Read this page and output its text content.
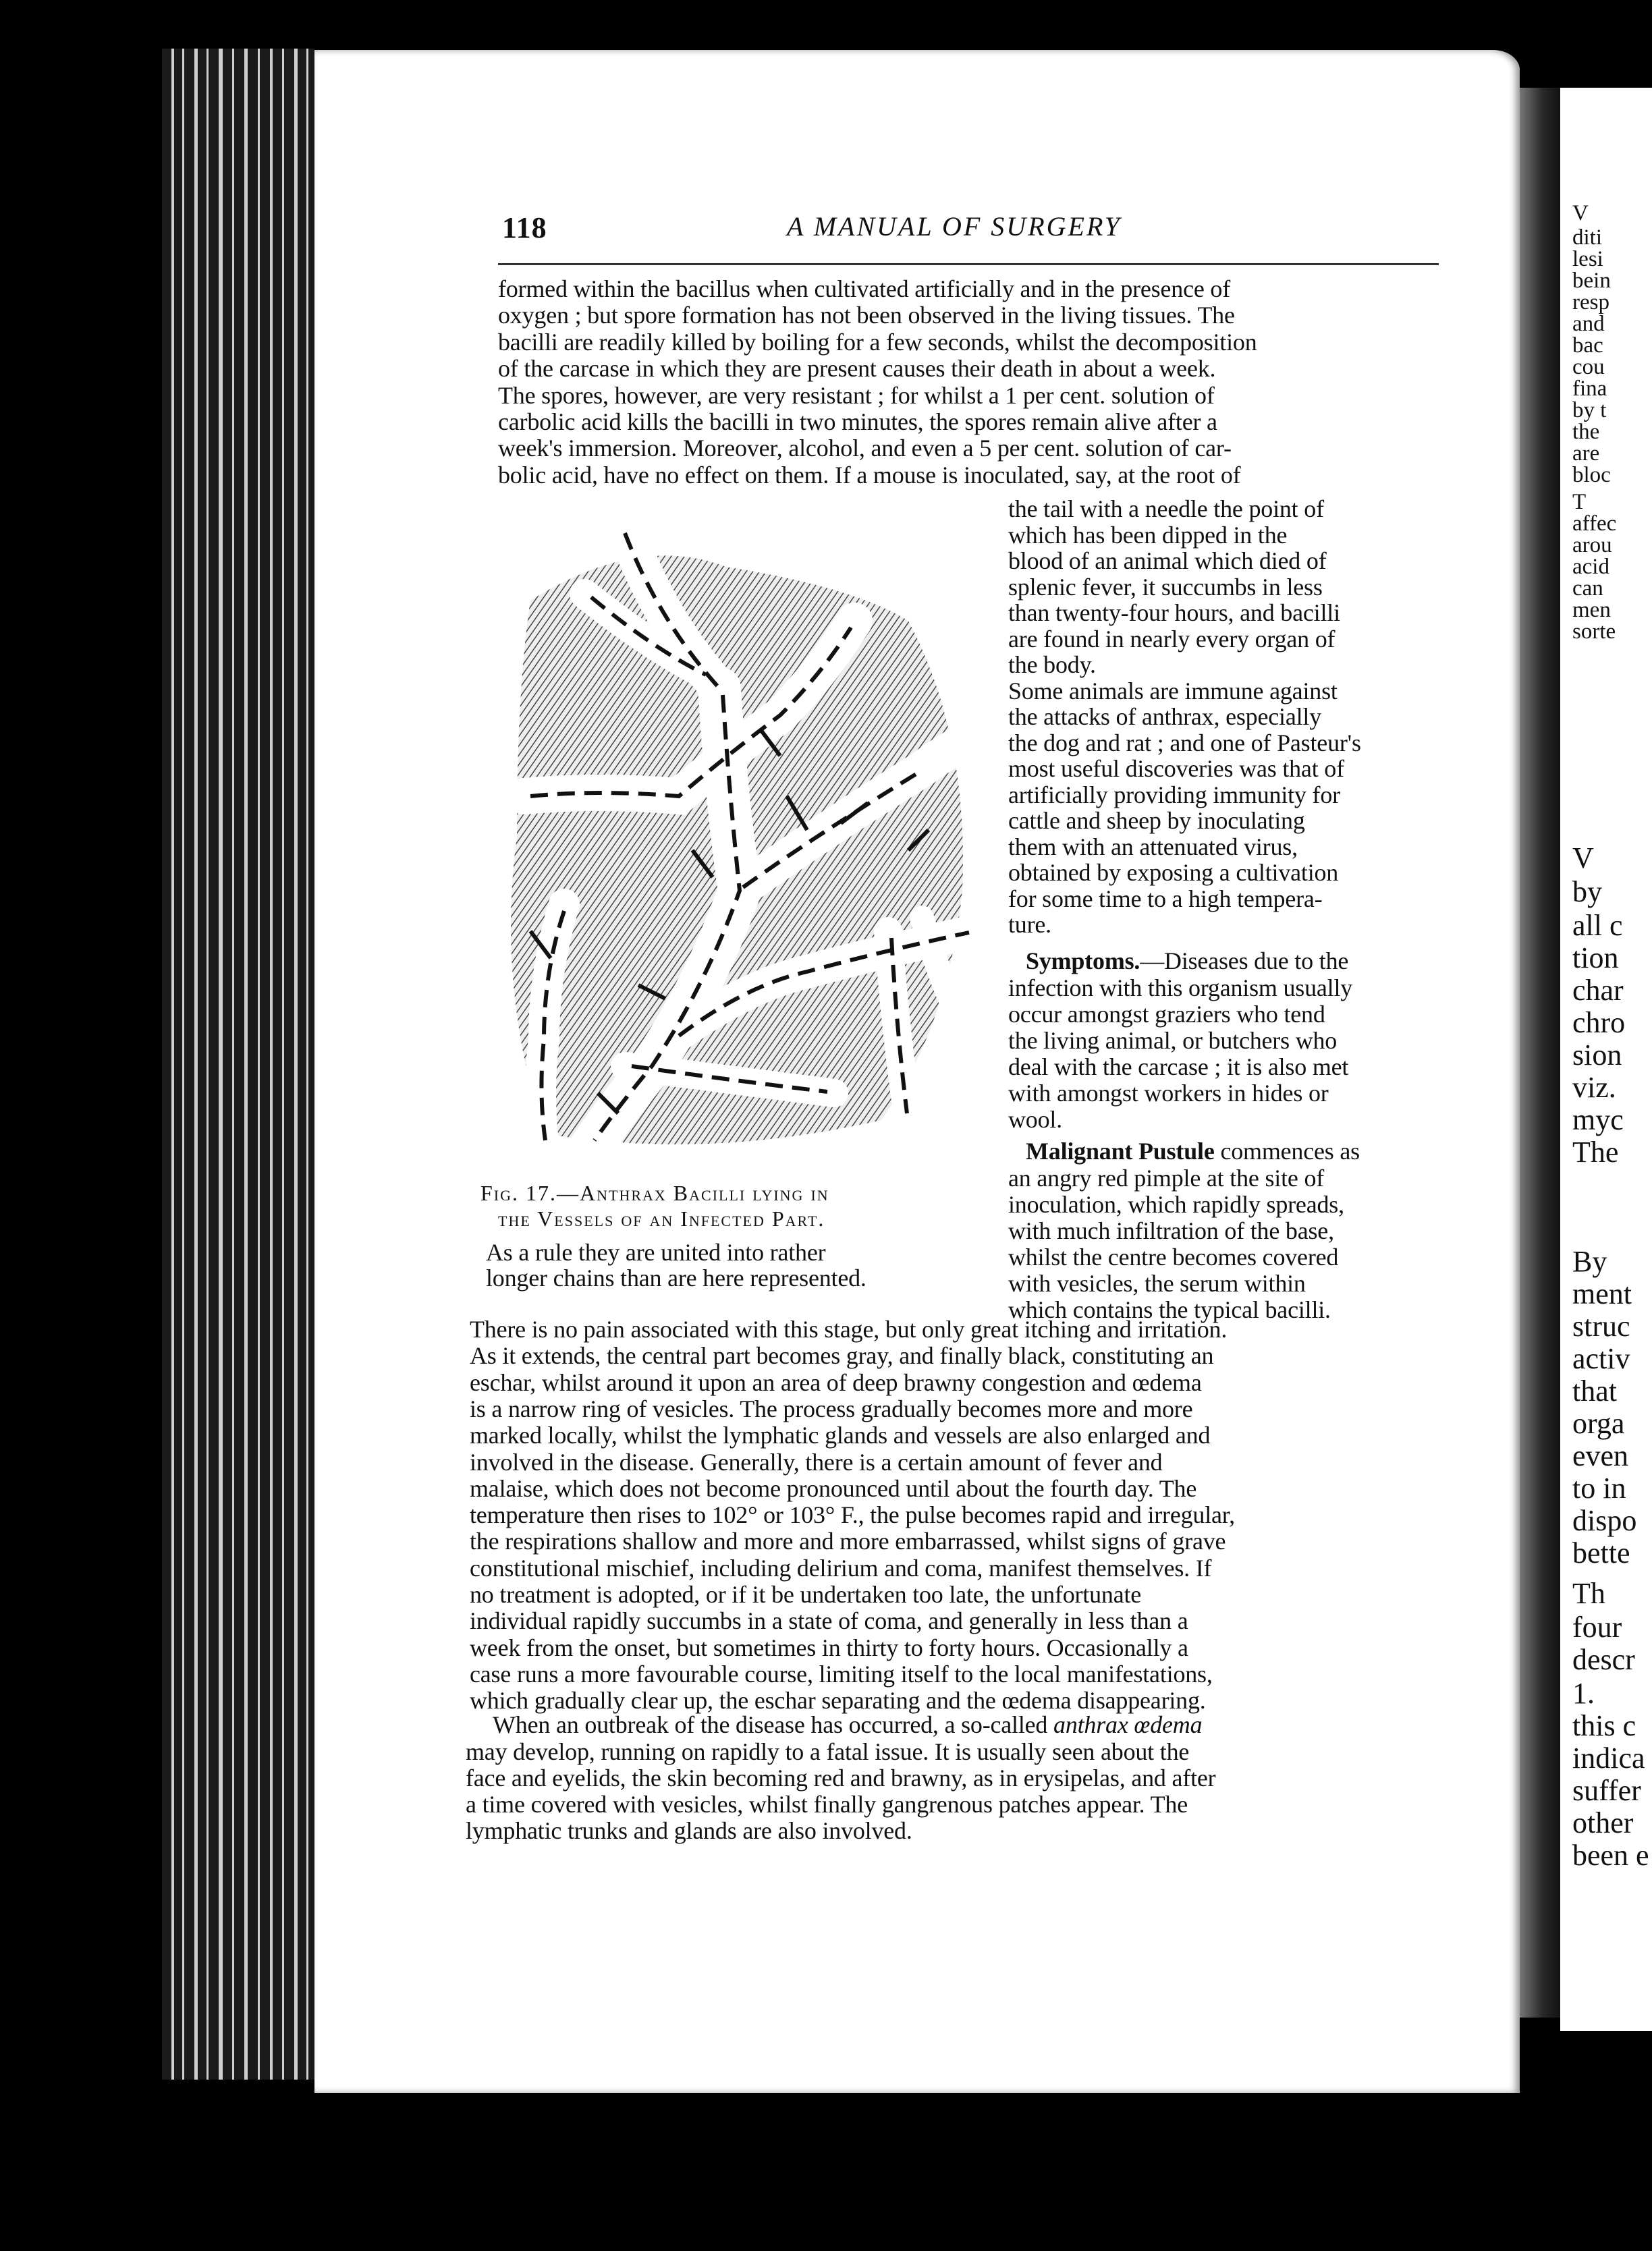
V
diti
lesi
bein
resp
and
bac
cou
fina
by t
the
are
bloc
T
affec
arou
acid
can
men
sorte
V
by
all c
tion
char
chro
sion
viz.
myc
The
By
ment
struc
activ
that
orga
even
to in
dispo
bette
Th
four
descr
1.
this c
indica
suffer
other
been e
118	A MANUAL OF SURGERY
formed within the bacillus when cultivated artificially and in the presence of
oxygen ; but spore formation has not been observed in the living tissues. The
bacilli are readily killed by boiling for a few seconds, whilst the decomposition
of the carcase in which they are present causes their death in about a week.
The spores, however, are very resistant ; for whilst a 1 per cent. solution of
carbolic acid kills the bacilli in two minutes, the spores remain alive after a
week's immersion. Moreover, alcohol, and even a 5 per cent. solution of car-
bolic acid, have no effect on them. If a mouse is inoculated, say, at the root of
the tail with a needle the point of
which has been dipped in the
blood of an animal which died of
splenic fever, it succumbs in less
than twenty-four hours, and bacilli
are found in nearly every organ of
the body.
Some animals are immune against
the attacks of anthrax, especially
the dog and rat ; and one of Pasteur's
most useful discoveries was that of
artificially providing immunity for
cattle and sheep by inoculating
them with an attenuated virus,
obtained by exposing a cultivation
for some time to a high tempera-
ture.
Fig. 17.—Anthrax Bacilli lying in
the Vessels of an Infected Part.
As a rule they are united into rather
longer chains than are here represented.
Symptoms.—Diseases due to the
infection with this organism usually
occur amongst graziers who tend
the living animal, or butchers who
deal with the carcase ; it is also met
with amongst workers in hides or
wool.
Malignant Pustule commences as
an angry red pimple at the site of
inoculation, which rapidly spreads,
with much infiltration of the base,
whilst the centre becomes covered
with vesicles, the serum within
which contains the typical bacilli.
There is no pain associated with this stage, but only great itching and irritation.
As it extends, the central part becomes gray, and finally black, constituting an
eschar, whilst around it upon an area of deep brawny congestion and œdema
is a narrow ring of vesicles. The process gradually becomes more and more
marked locally, whilst the lymphatic glands and vessels are also enlarged and
involved in the disease. Generally, there is a certain amount of fever and
malaise, which does not become pronounced until about the fourth day. The
temperature then rises to 102° or 103° F., the pulse becomes rapid and irregular,
the respirations shallow and more and more embarrassed, whilst signs of grave
constitutional mischief, including delirium and coma, manifest themselves. If
no treatment is adopted, or if it be undertaken too late, the unfortunate
individual rapidly succumbs in a state of coma, and generally in less than a
week from the onset, but sometimes in thirty to forty hours. Occasionally a
case runs a more favourable course, limiting itself to the local manifestations,
which gradually clear up, the eschar separating and the œdema disappearing.
When an outbreak of the disease has occurred, a so-called anthrax œdema
may develop, running on rapidly to a fatal issue. It is usually seen about the
face and eyelids, the skin becoming red and brawny, as in erysipelas, and after
a time covered with vesicles, whilst finally gangrenous patches appear. The
lymphatic trunks and glands are also involved.
